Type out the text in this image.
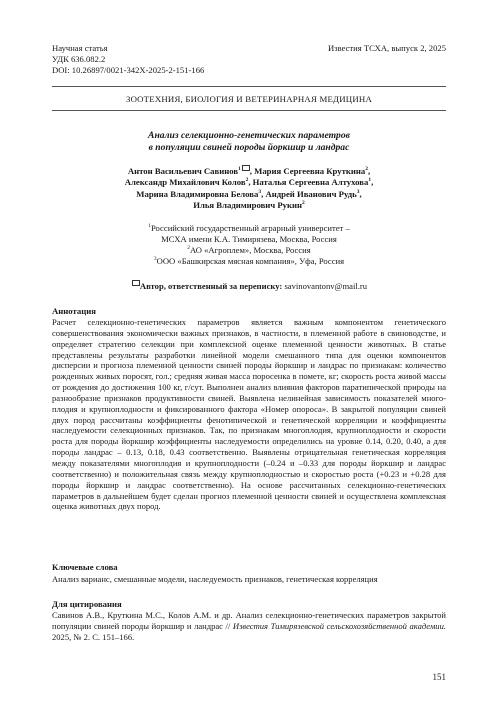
Научная статья
УДК 636.082.2
DOI: 10.26897/0021-342X-2025-2-151-166
Известия ТСХА, выпуск 2, 2025
ЗООТЕХНИЯ, БИОЛОГИЯ И ВЕТЕРИНАРНАЯ МЕДИЦИНА
Анализ селекционно-генетических параметров
в популяции свиней породы йоркшир и ландрас
Антон Васильевич Савинов$^1$ , Мария Сергеевна Круткина$^2$,
Александр Михайлович Колов$^2$, Наталья Сергеевна Алтухова$^1$,
Марина Владимировна Белова$^3$, Андрей Иванович Рудь$^3$,
Илья Владимирович Рукин$^2$
$^1$Российский государственный аграрный университет –
МСХА имени К.А. Тимирязева, Москва, Россия
$^2$АО «Агроплем», Москва, Россия
$^3$ООО «Башкирская мясная компания», Уфа, Россия
Автор, ответственный за переписку: savinovantonv@mail.ru
Аннотация
Расчет селекционно-генетических параметров является важным компонентом генетического совершенствования экономически важных признаков, в частности, в племенной работе в свиноводстве, и определяет стратегию селекции при комплексной оценке племенной ценности животных. В статье представлены результаты разработки линейной модели смешанного типа для оценки компонентов дисперсии и прогноза племенной ценности свиней породы йоркшир и ландрас по признакам: количество рожденных живых поросят, гол.; средняя живая масса поросенка в помете, кг; скорость роста живой массы от рождения до достижения 100 кг, г/сут. Выполнен анализ влияния факторов паратипической природы на разнообразие признаков продуктивности свиней. Выявлена нелинейная зависимость показателей многоплодия и крупноплодности и фиксированного фактора «Номер опороса». В закрытой популяции свиней двух пород рассчитаны коэффициенты фенотипической и генетической корреляции и коэффициенты наследуемости селекционных признаков. Так, по признакам многоплодия, крупноплодности и скорости роста для породы йоркшир коэффициенты наследуемости определились на уровне 0.14, 0.20, 0.40, а для породы ландрас – 0.13, 0.18, 0.43 соответственно. Выявлены отрицательная генетическая корреляция между показателями многоплодия и крупноплодности (–0.24 и –0.33 для породы йоркшир и ландрас соответственно) и положительная связь между крупноплодностью и скоростью роста (+0.23 и +0.28 для породы йоркшир и ландрас соответственно). На основе рассчитанных селекционно-генетических параметров в дальнейшем будет сделан прогноз племенной ценности свиней и осуществлена комплексная оценка животных двух пород.
Ключевые слова
Анализ варианс, смешанные модели, наследуемость признаков, генетическая корреляция
Для цитирования
Савинов А.В., Круткина М.С., Колов А.М. и др. Анализ селекционно-генетических параметров закрытой популяции свиней породы йоркшир и ландрас // Известия Тимирязевской сельскохозяйственной академии. 2025, № 2. С. 151–166.
151
